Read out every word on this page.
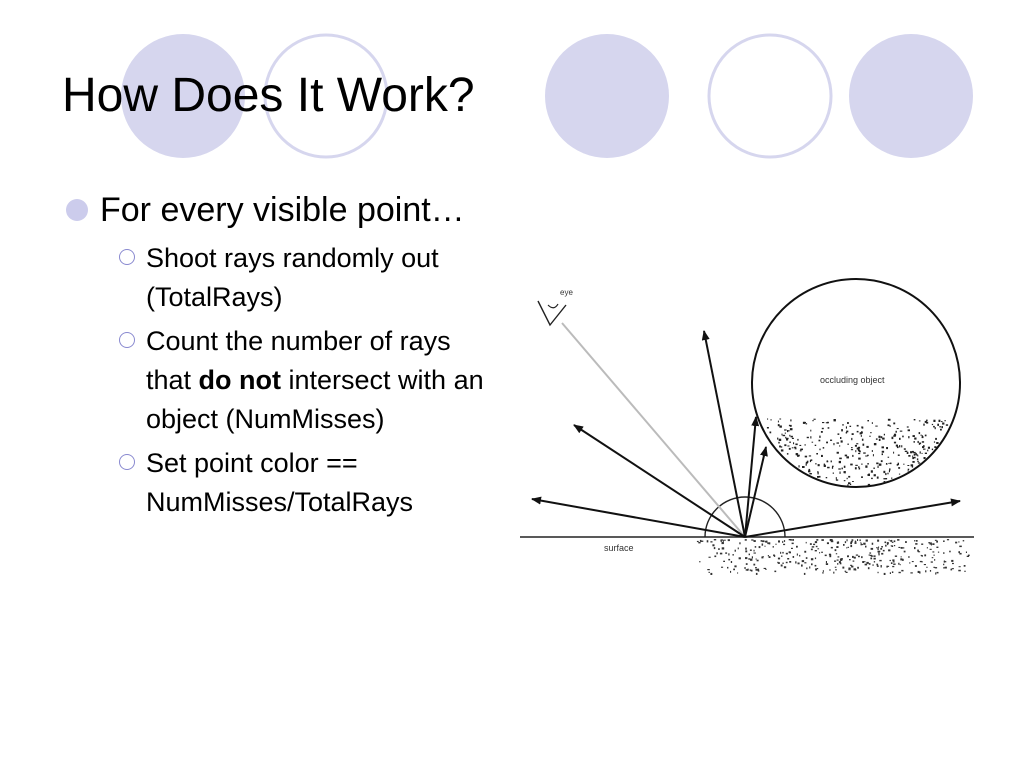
How Does It Work?
For every visible point…
Shoot rays randomly out (TotalRays)
Count the number of rays that do not intersect with an object (NumMisses)
Set point color == NumMisses/TotalRays
surface
occluding object
eye
